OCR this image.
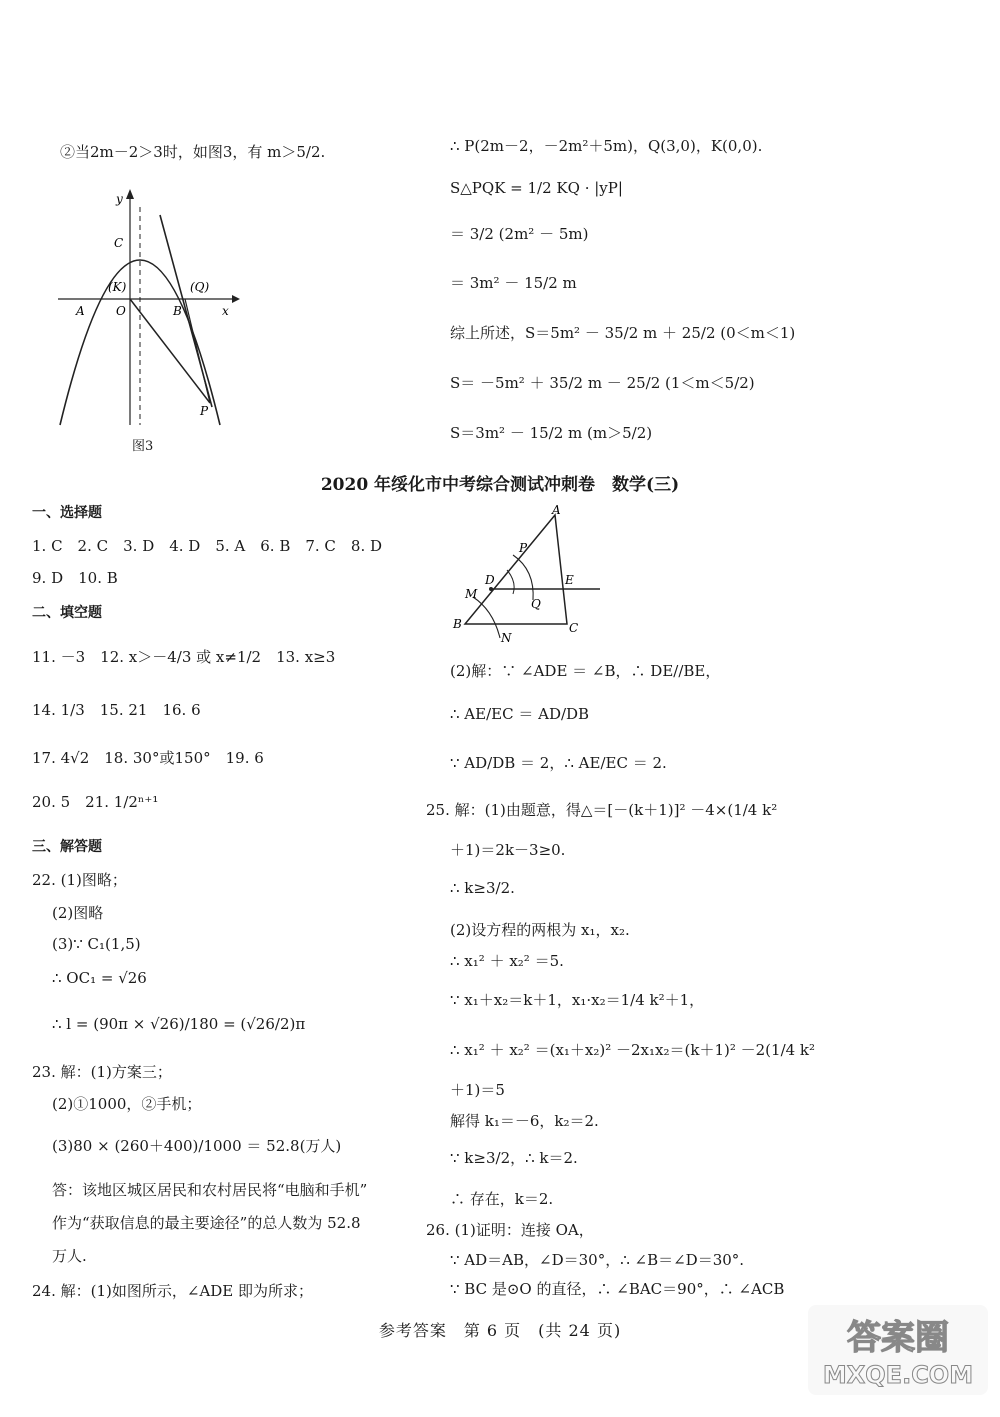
②当2m－2＞3时，如图3，有 m＞5/2.
y
x
C
A	O	B
(K)	(Q)
P
图3
∴ P(2m－2，－2m²＋5m)，Q(3,0)，K(0,0).
S△PQK = 1/2 KQ · |yP|
＝ 3/2 (2m² － 5m)
＝ 3m² － 15/2 m
综上所述，S＝5m² － 35/2 m ＋ 25/2 (0＜m＜1)
S＝ －5m² ＋ 35/2 m － 25/2 (1＜m＜5/2)
S＝3m² － 15/2 m (m＞5/2)
2020 年绥化市中考综合测试冲刺卷　数学(三)
一、选择题
1. C　2. C　3. D　4. D　5. A　6. B　7. C　8. D
9. D　10. B
二、填空题
11. －3　12. x＞－4/3 或 x≠1/2　13. x≥3
14. 1/3　15. 21　16. 6
17. 4√2　18. 30°或150°　19. 6
20. 5　21. 1/2ⁿ⁺¹
三、解答题
22. (1)图略；
(2)图略
(3)∵ C₁(1,5)
∴ OC₁ = √26
∴ l = (90π × √26)/180 = (√26/2)π
23. 解：(1)方案三；
(2)①1000，②手机；
(3)80 × (260＋400)/1000 ＝ 52.8(万人)
答：该地区城区居民和农村居民将“电脑和手机”
作为“获取信息的最主要途径”的总人数为 52.8
万人.
24. 解：(1)如图所示，∠ADE 即为所求；
A
P
D	E
M
Q
B
N
C
(2)解：∵ ∠ADE ＝ ∠B，∴ DE//BE，
∴ AE/EC ＝ AD/DB
∵ AD/DB ＝ 2，∴ AE/EC ＝ 2.
25. 解：(1)由题意，得△＝[－(k＋1)]² －4×(1/4 k²
＋1)＝2k－3≥0.
∴ k≥3/2.
(2)设方程的两根为 x₁，x₂.
∴ x₁² ＋ x₂² ＝5.
∵ x₁＋x₂＝k＋1，x₁·x₂＝1/4 k²＋1，
∴ x₁² ＋ x₂² ＝(x₁＋x₂)² －2x₁x₂＝(k＋1)² －2(1/4 k²
＋1)＝5
解得 k₁＝－6，k₂＝2.
∵ k≥3/2，∴ k＝2.
∴ 存在，k＝2.
26. (1)证明：连接 OA，
∵ AD＝AB，∠D＝30°，∴ ∠B＝∠D＝30°.
∵ BC 是⊙O 的直径，∴ ∠BAC＝90°，∴ ∠ACB
参考答案　第 6 页　(共 24 页)	答案圈
MXQE.COM
